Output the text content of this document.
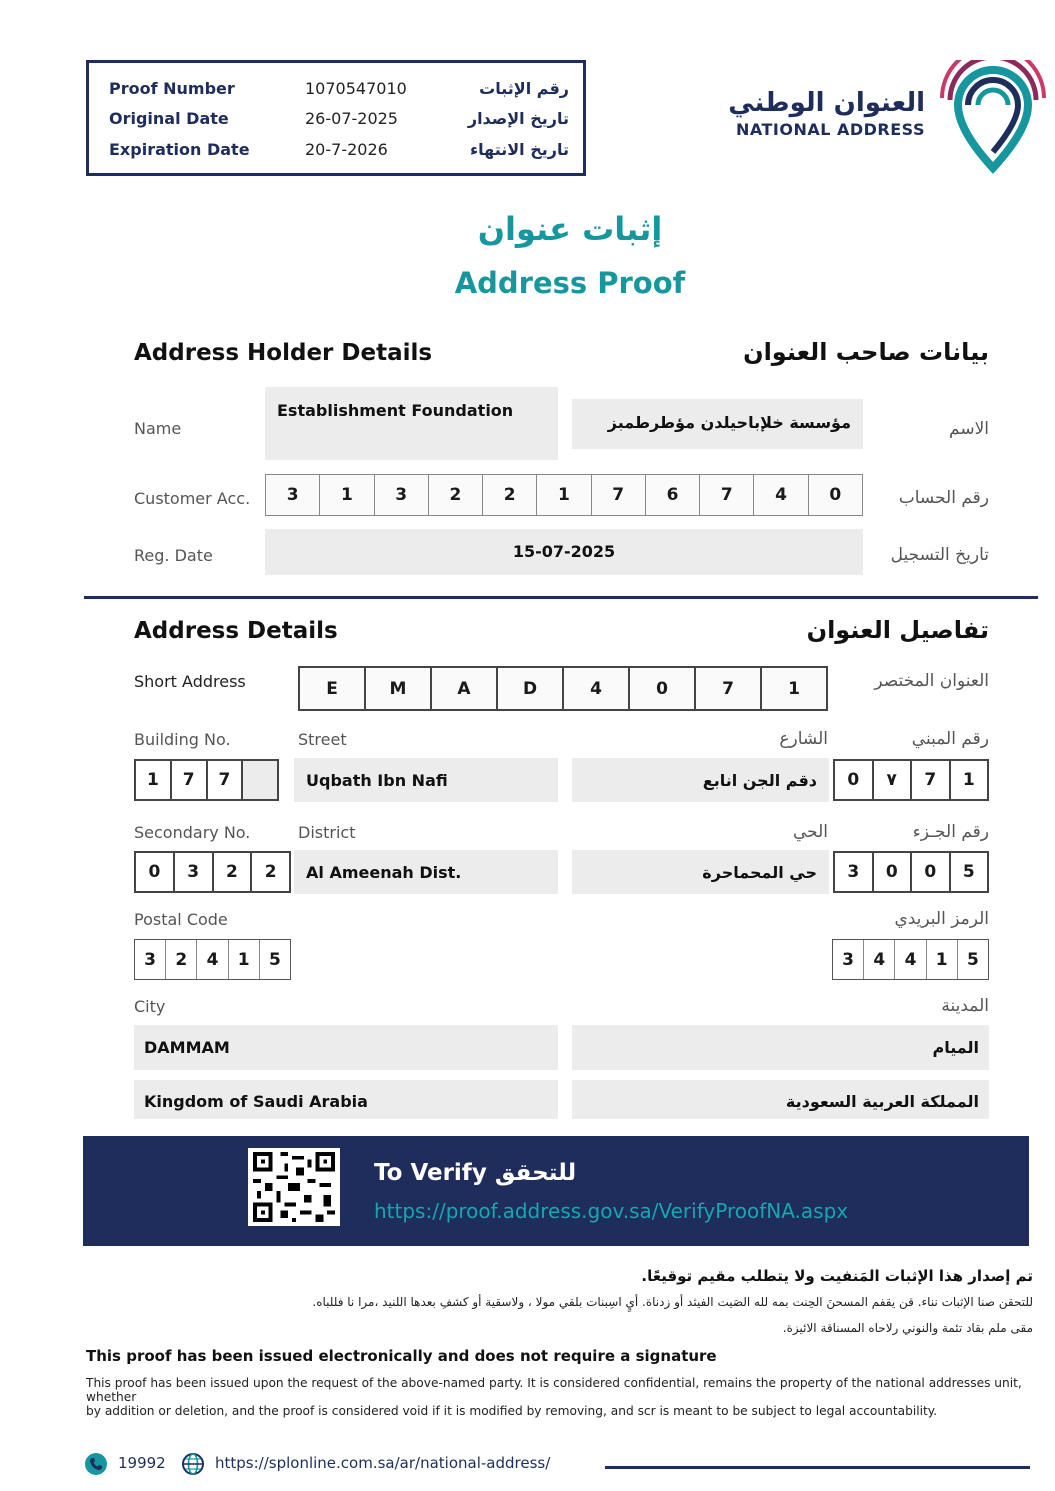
Proof Number	1070547010	رقم الإثبات
Original Date	26-07-2025	تاريخ الإصدار
Expiration Date	20-7-2026	تاريخ الانتهاء
العنوان الوطني
NATIONAL ADDRESS
إثبات عنوان
Address Proof
Address Holder Details	بيانات صاحب العنوان
Name	الاسم
Establishment Foundation
مؤسسة خلإباحيلدن مؤطرطمبز
Customer Acc.	رقم الحساب
3	1	3	2	2	1	7	6	7	4	0
Reg. Date	تاريخ التسجيل
15-07-2025
Address Details	تفاصيل العنوان
Short Address	العنوان المختصر
E	M	A	D	4	0	7	1
Building No.	Street	الشارع	رقم المبني
1	7	7	Uqbath Ibn Nafi	دقم الجن انابع	0	٧	7	1
Secondary No.	District	الحي	رقم الجـزء
0	3	2	2	Al Ameenah Dist.	حي المحماحرة	3	0	0	5
Postal Code	الرمز البريدي
3	2	4	1	5	3	4	4	1	5
City	المدينة
DAMMAM	الميام
Kingdom of Saudi Arabia	المملكة العربية السعودية
To Verify للتحقق
https://proof.address.gov.sa/VerifyProofNA.aspx
تم إصدار هذا الإثبات المَنفيت ولا يتطلب مقيم توقيعًا.
للتحقن صنا الإثبات نناء. قن يقفم المسحنَ الحِنت بمه لله الصَيت الفيثد أو زدناة. أيٍ اسِبنات بلقي مولا ، ولاسقية أو كشفِ بعدها اللنيد ،مرا نا فللباه.
مقى ملم بقاد تئمة والنوني رلاحاه المسناقة الائيزة.
This proof has been issued electronically and does not require a signature
This proof has been issued upon the request of the above-named party. It is considered confidential, remains the property of the national addresses unit, whether
by addition or deletion, and the proof is considered void if it is modified by removing, and scr is meant to be subject to legal accountability.
19992	https://splonline.com.sa/ar/national-address/
